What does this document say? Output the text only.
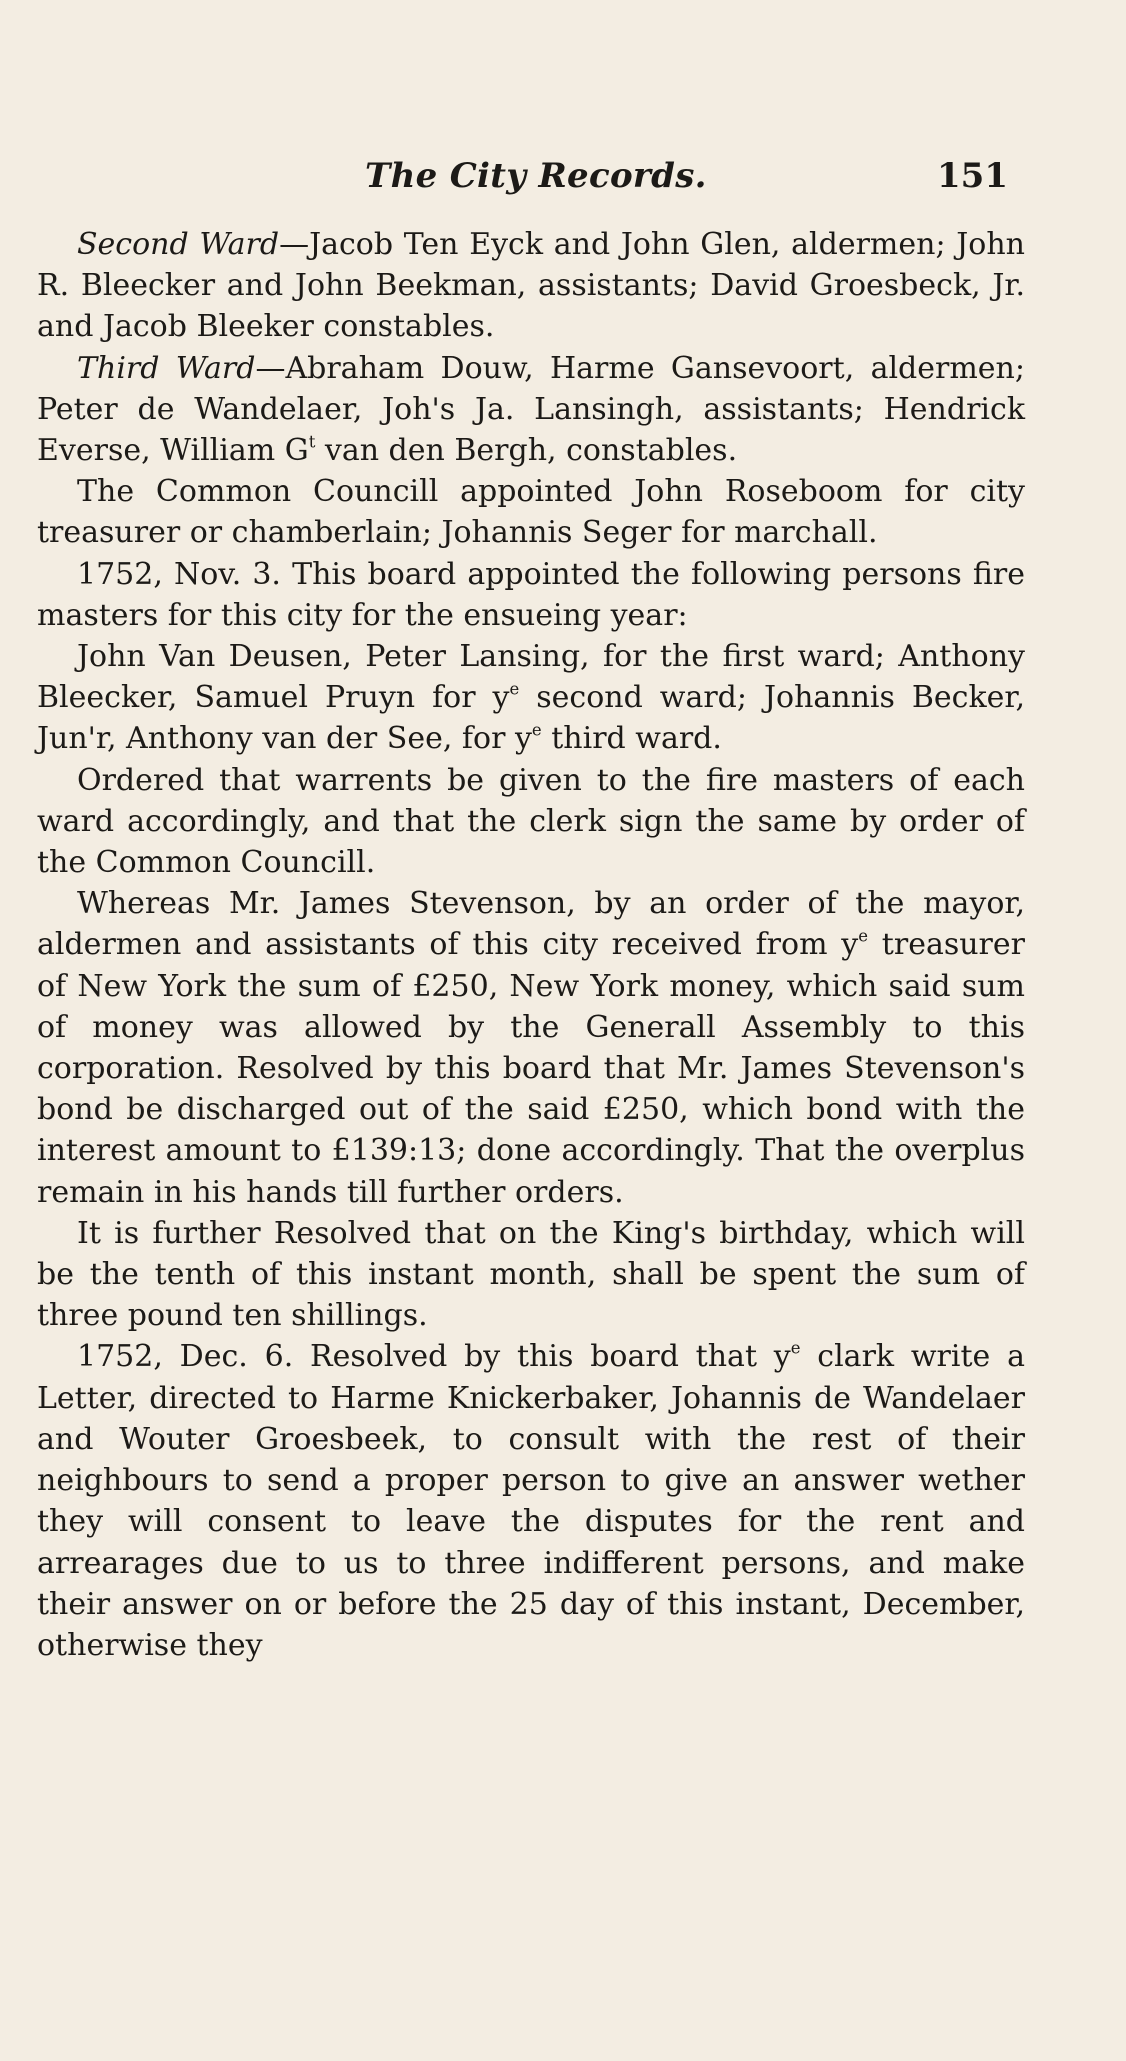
The City Records.	151

Second Ward—Jacob Ten Eyck and John Glen, aldermen; John R. Bleecker and John Beekman, assistants; David Groesbeck, Jr. and Jacob Bleeker constables.

Third Ward—Abraham Douw, Harme Gansevoort, aldermen; Peter de Wandelaer, Joh's Ja. Lansingh, assistants; Hendrick Everse, William $G^t$ van den Bergh, constables.

The Common Councill appointed John Roseboom for city treasurer or chamberlain; Johannis Seger for marchall.

1752, Nov. 3. This board appointed the following persons fire masters for this city for the ensueing year:

John Van Deusen, Peter Lansing, for the first ward; Anthony Bleecker, Samuel Pruyn for $y^e$ second ward; Johannis Becker, Jun'r, Anthony van der See, for $y^e$ third ward.

Ordered that warrents be given to the fire masters of each ward accordingly, and that the clerk sign the same by order of the Common Councill.

Whereas Mr. James Stevenson, by an order of the mayor, aldermen and assistants of this city received from $y^e$ treasurer of New York the sum of £250, New York money, which said sum of money was allowed by the Generall Assembly to this corporation. Resolved by this board that Mr. James Stevenson's bond be discharged out of the said £250, which bond with the interest amount to £139:13; done accordingly. That the overplus remain in his hands till further orders.

It is further Resolved that on the King's birthday, which will be the tenth of this instant month, shall be spent the sum of three pound ten shillings.

1752, Dec. 6. Resolved by this board that $y^e$ clark write a Letter, directed to Harme Knickerbaker, Johannis de Wandelaer and Wouter Groesbeek, to consult with the rest of their neighbours to send a proper person to give an answer wether they will consent to leave the disputes for the rent and arrearages due to us to three indifferent persons, and make their answer on or before the 25 day of this instant, December, otherwise they
